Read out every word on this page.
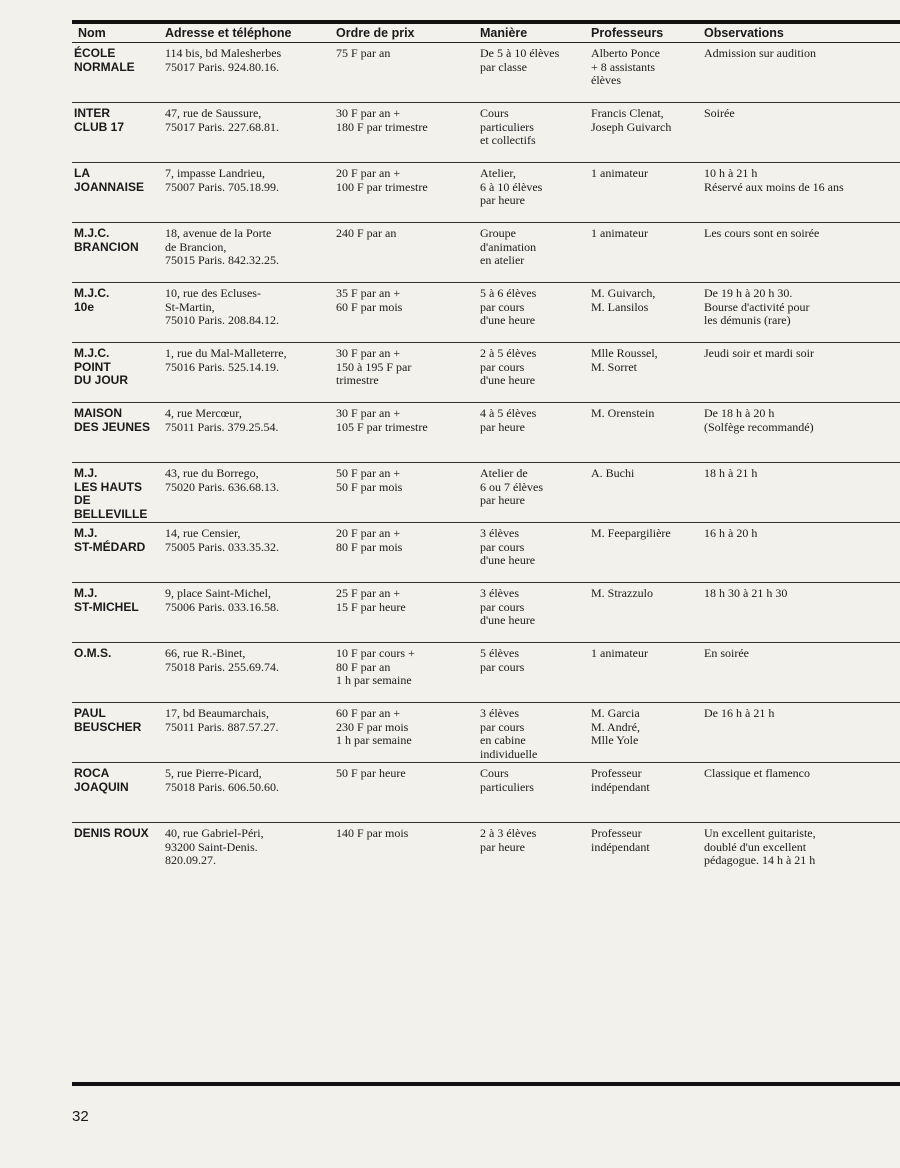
Nom	Adresse et téléphone	Ordre de prix	Manière	Professeurs	Observations

ÉCOLE
NORMALE	114 bis, bd Malesherbes
75017 Paris. 924.80.16.	75 F par an	De 5 à 10 élèves
par classe	Alberto Ponce
+ 8 assistants
élèves	Admission sur audition

INTER
CLUB 17	47, rue de Saussure,
75017 Paris. 227.68.81.	30 F par an +
180 F par trimestre	Cours
particuliers
et collectifs	Francis Clenat,
Joseph Guivarch	Soirée

LA
JOANNAISE	7, impasse Landrieu,
75007 Paris. 705.18.99.	20 F par an +
100 F par trimestre	Atelier,
6 à 10 élèves
par heure	1 animateur	10 h à 21 h
Réservé aux moins de 16 ans

M.J.C.
BRANCION	18, avenue de la Porte
de Brancion,
75015 Paris. 842.32.25.	240 F par an	Groupe
d'animation
en atelier	1 animateur	Les cours sont en soirée

M.J.C.
10e	10, rue des Ecluses-
St-Martin,
75010 Paris. 208.84.12.	35 F par an +
60 F par mois	5 à 6 élèves
par cours
d'une heure	M. Guivarch,
M. Lansilos	De 19 h à 20 h 30.
Bourse d'activité pour
les démunis (rare)

M.J.C.
POINT
DU JOUR	1, rue du Mal-Malleterre,
75016 Paris. 525.14.19.	30 F par an +
150 à 195 F par
trimestre	2 à 5 élèves
par cours
d'une heure	Mlle Roussel,
M. Sorret	Jeudi soir et mardi soir

MAISON
DES JEUNES	4, rue Mercœur,
75011 Paris. 379.25.54.	30 F par an +
105 F par trimestre	4 à 5 élèves
par heure	M. Orenstein	De 18 h à 20 h
(Solfège recommandé)

M.J.
LES HAUTS
DE
BELLEVILLE	43, rue du Borrego,
75020 Paris. 636.68.13.	50 F par an +
50 F par mois	Atelier de
6 ou 7 élèves
par heure	A. Buchi	18 h à 21 h

M.J.
ST-MÉDARD	14, rue Censier,
75005 Paris. 033.35.32.	20 F par an +
80 F par mois	3 élèves
par cours
d'une heure	M. Feepargilière	16 h à 20 h

M.J.
ST-MICHEL	9, place Saint-Michel,
75006 Paris. 033.16.58.	25 F par an +
15 F par heure	3 élèves
par cours
d'une heure	M. Strazzulo	18 h 30 à 21 h 30

O.M.S.	66, rue R.-Binet,
75018 Paris. 255.69.74.	10 F par cours +
80 F par an
1 h par semaine	5 élèves
par cours	1 animateur	En soirée

PAUL
BEUSCHER	17, bd Beaumarchais,
75011 Paris. 887.57.27.	60 F par an +
230 F par mois
1 h par semaine	3 élèves
par cours
en cabine
individuelle	M. Garcia
M. André,
Mlle Yole	De 16 h à 21 h

ROCA
JOAQUIN	5, rue Pierre-Picard,
75018 Paris. 606.50.60.	50 F par heure	Cours
particuliers	Professeur
indépendant	Classique et flamenco

DENIS ROUX	40, rue Gabriel-Péri,
93200 Saint-Denis.
820.09.27.	140 F par mois	2 à 3 élèves
par heure	Professeur
indépendant	Un excellent guitariste,
doublé d'un excellent
pédagogue. 14 h à 21 h
32
